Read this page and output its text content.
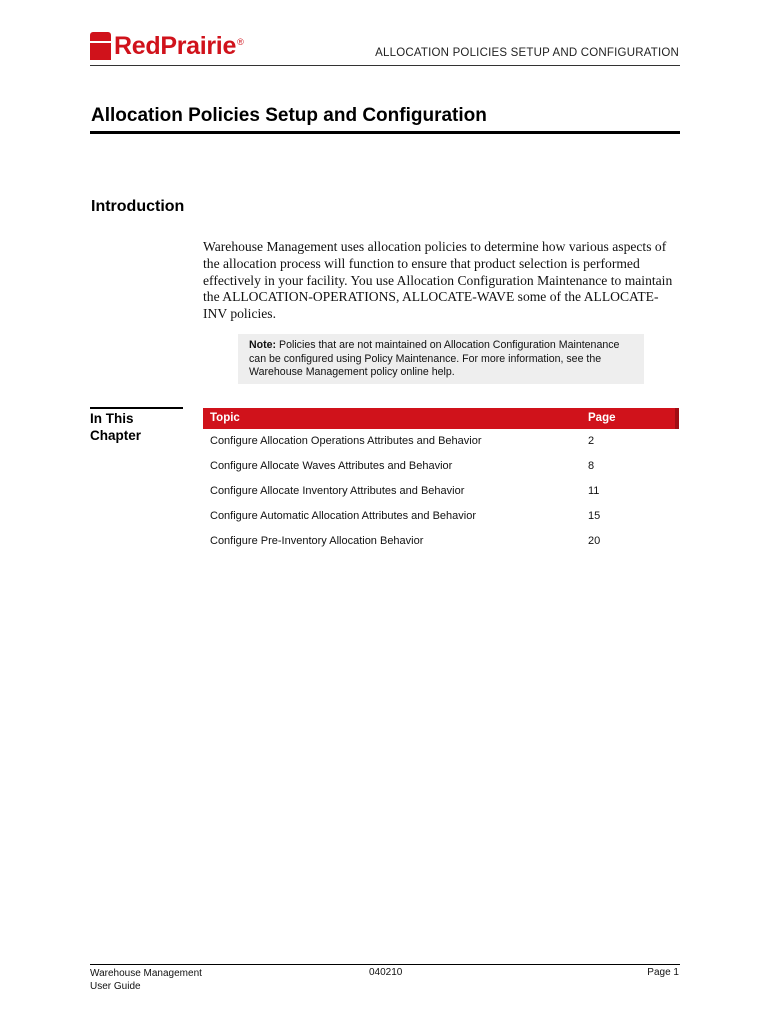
RedPrairie ®
ALLOCATION POLICIES SETUP AND CONFIGURATION
Allocation Policies Setup and Configuration
Introduction
Warehouse Management uses allocation policies to determine how various aspects of the allocation process will function to ensure that product selection is performed effectively in your facility. You use Allocation Configuration Maintenance to maintain the ALLOCATION-OPERATIONS, ALLOCATE-WAVE some of the ALLOCATE-INV policies.
Note: Policies that are not maintained on Allocation Configuration Maintenance can be configured using Policy Maintenance. For more information, see the Warehouse Management policy online help.
In This
Chapter
Topic	Page
Configure Allocation Operations Attributes and Behavior	2
Configure Allocate Waves Attributes and Behavior	8
Configure Allocate Inventory Attributes and Behavior	11
Configure Automatic Allocation Attributes and Behavior	15
Configure Pre-Inventory Allocation Behavior	20
Warehouse Management
User Guide
040210	Page 1
